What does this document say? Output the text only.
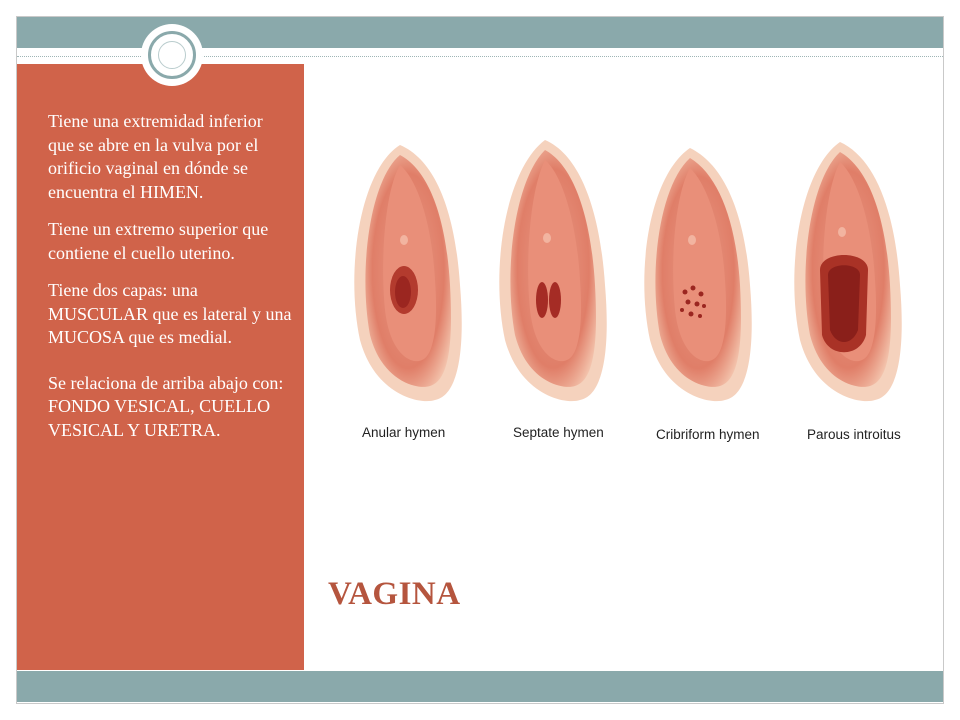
Tiene una extremidad inferior que se abre en la vulva por el orificio vaginal en dónde se encuentra el HIMEN.

Tiene un extremo superior que contiene el cuello uterino.

Tiene dos capas: una MUSCULAR que es lateral y una MUCOSA que es medial.

Se relaciona de arriba abajo con: FONDO VESICAL, CUELLO VESICAL Y URETRA.	Anular hymen	Septate hymen	Cribriform hymen	Parous introitus
VAGINA
